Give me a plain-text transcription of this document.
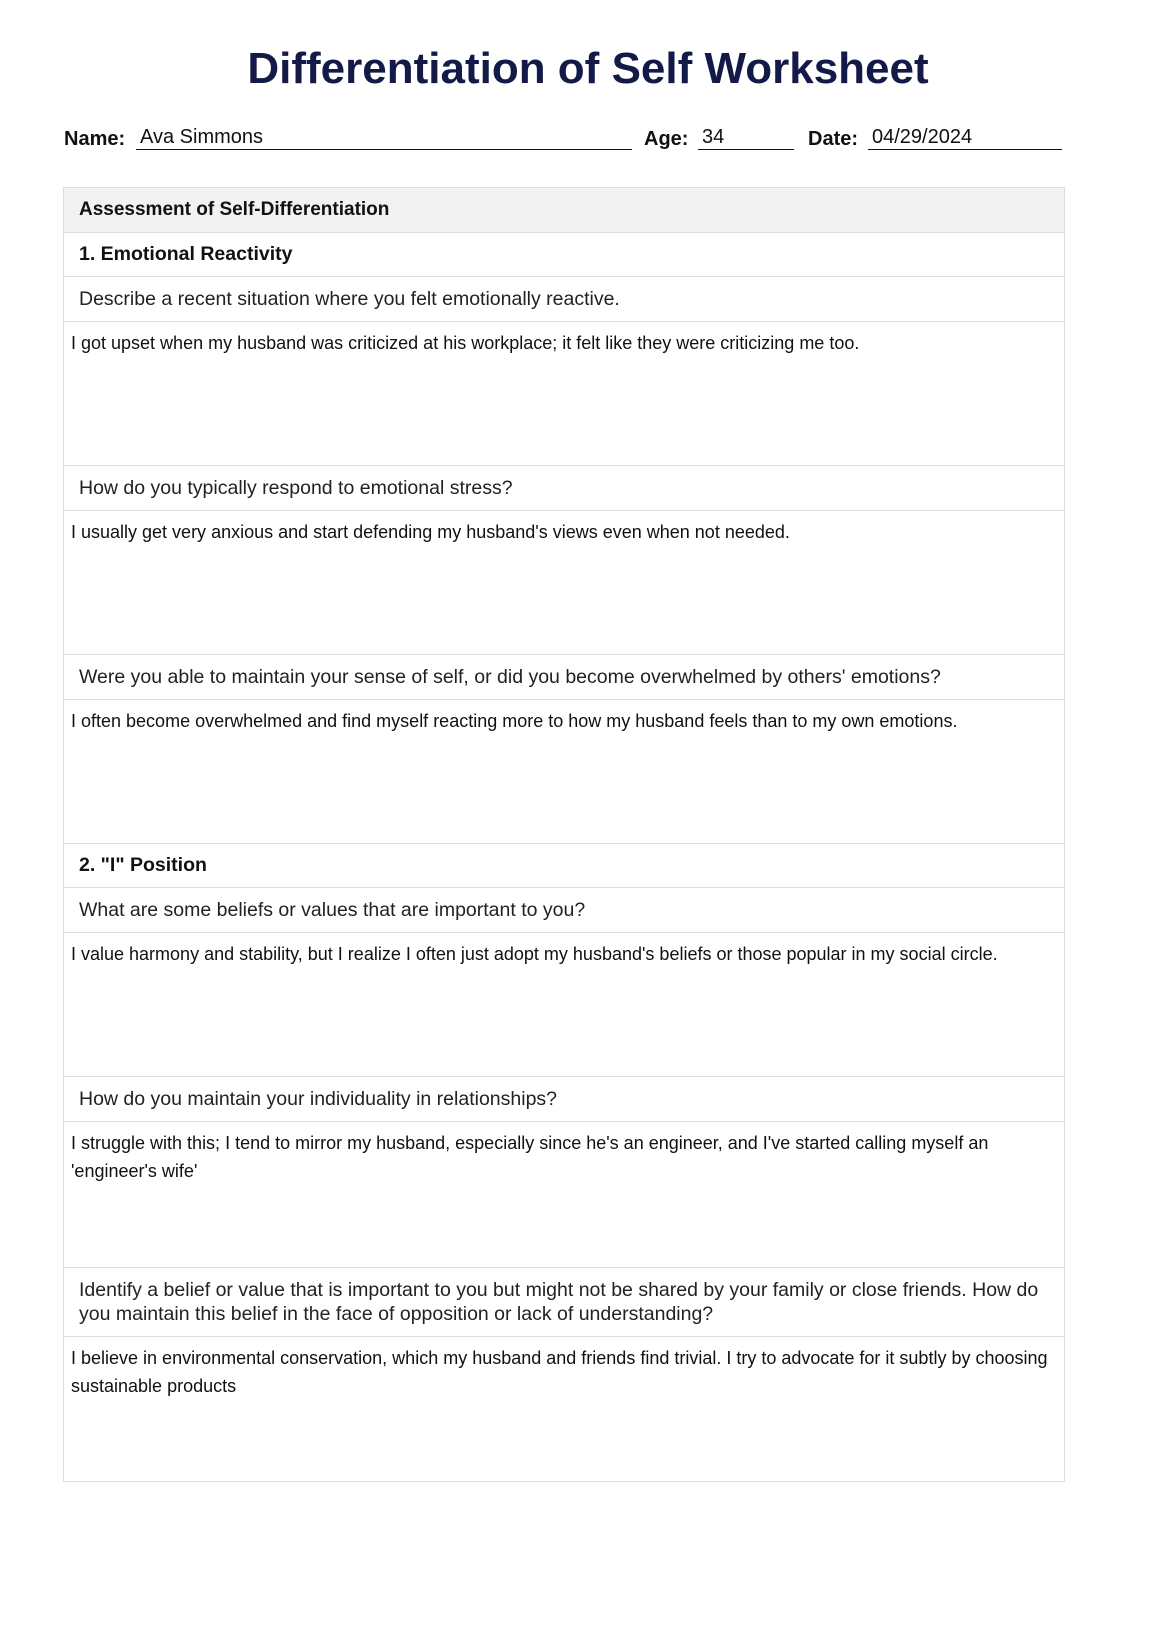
Differentiation of Self Worksheet
Name: Ava Simmons	Age: 34	Date: 04/29/2024
Assessment of Self-Differentiation
1. Emotional Reactivity
Describe a recent situation where you felt emotionally reactive.
I got upset when my husband was criticized at his workplace; it felt like they were criticizing me too.
How do you typically respond to emotional stress?
I usually get very anxious and start defending my husband's views even when not needed.
Were you able to maintain your sense of self, or did you become overwhelmed by others' emotions?
I often become overwhelmed and find myself reacting more to how my husband feels than to my own emotions.
2. "I" Position
What are some beliefs or values that are important to you?
I value harmony and stability, but I realize I often just adopt my husband's beliefs or those popular in my social circle.
How do you maintain your individuality in relationships?
I struggle with this; I tend to mirror my husband, especially since he's an engineer, and I've started calling myself an 'engineer's wife'
Identify a belief or value that is important to you but might not be shared by your family or close friends. How do you maintain this belief in the face of opposition or lack of understanding?
I believe in environmental conservation, which my husband and friends find trivial. I try to advocate for it subtly by choosing sustainable products
